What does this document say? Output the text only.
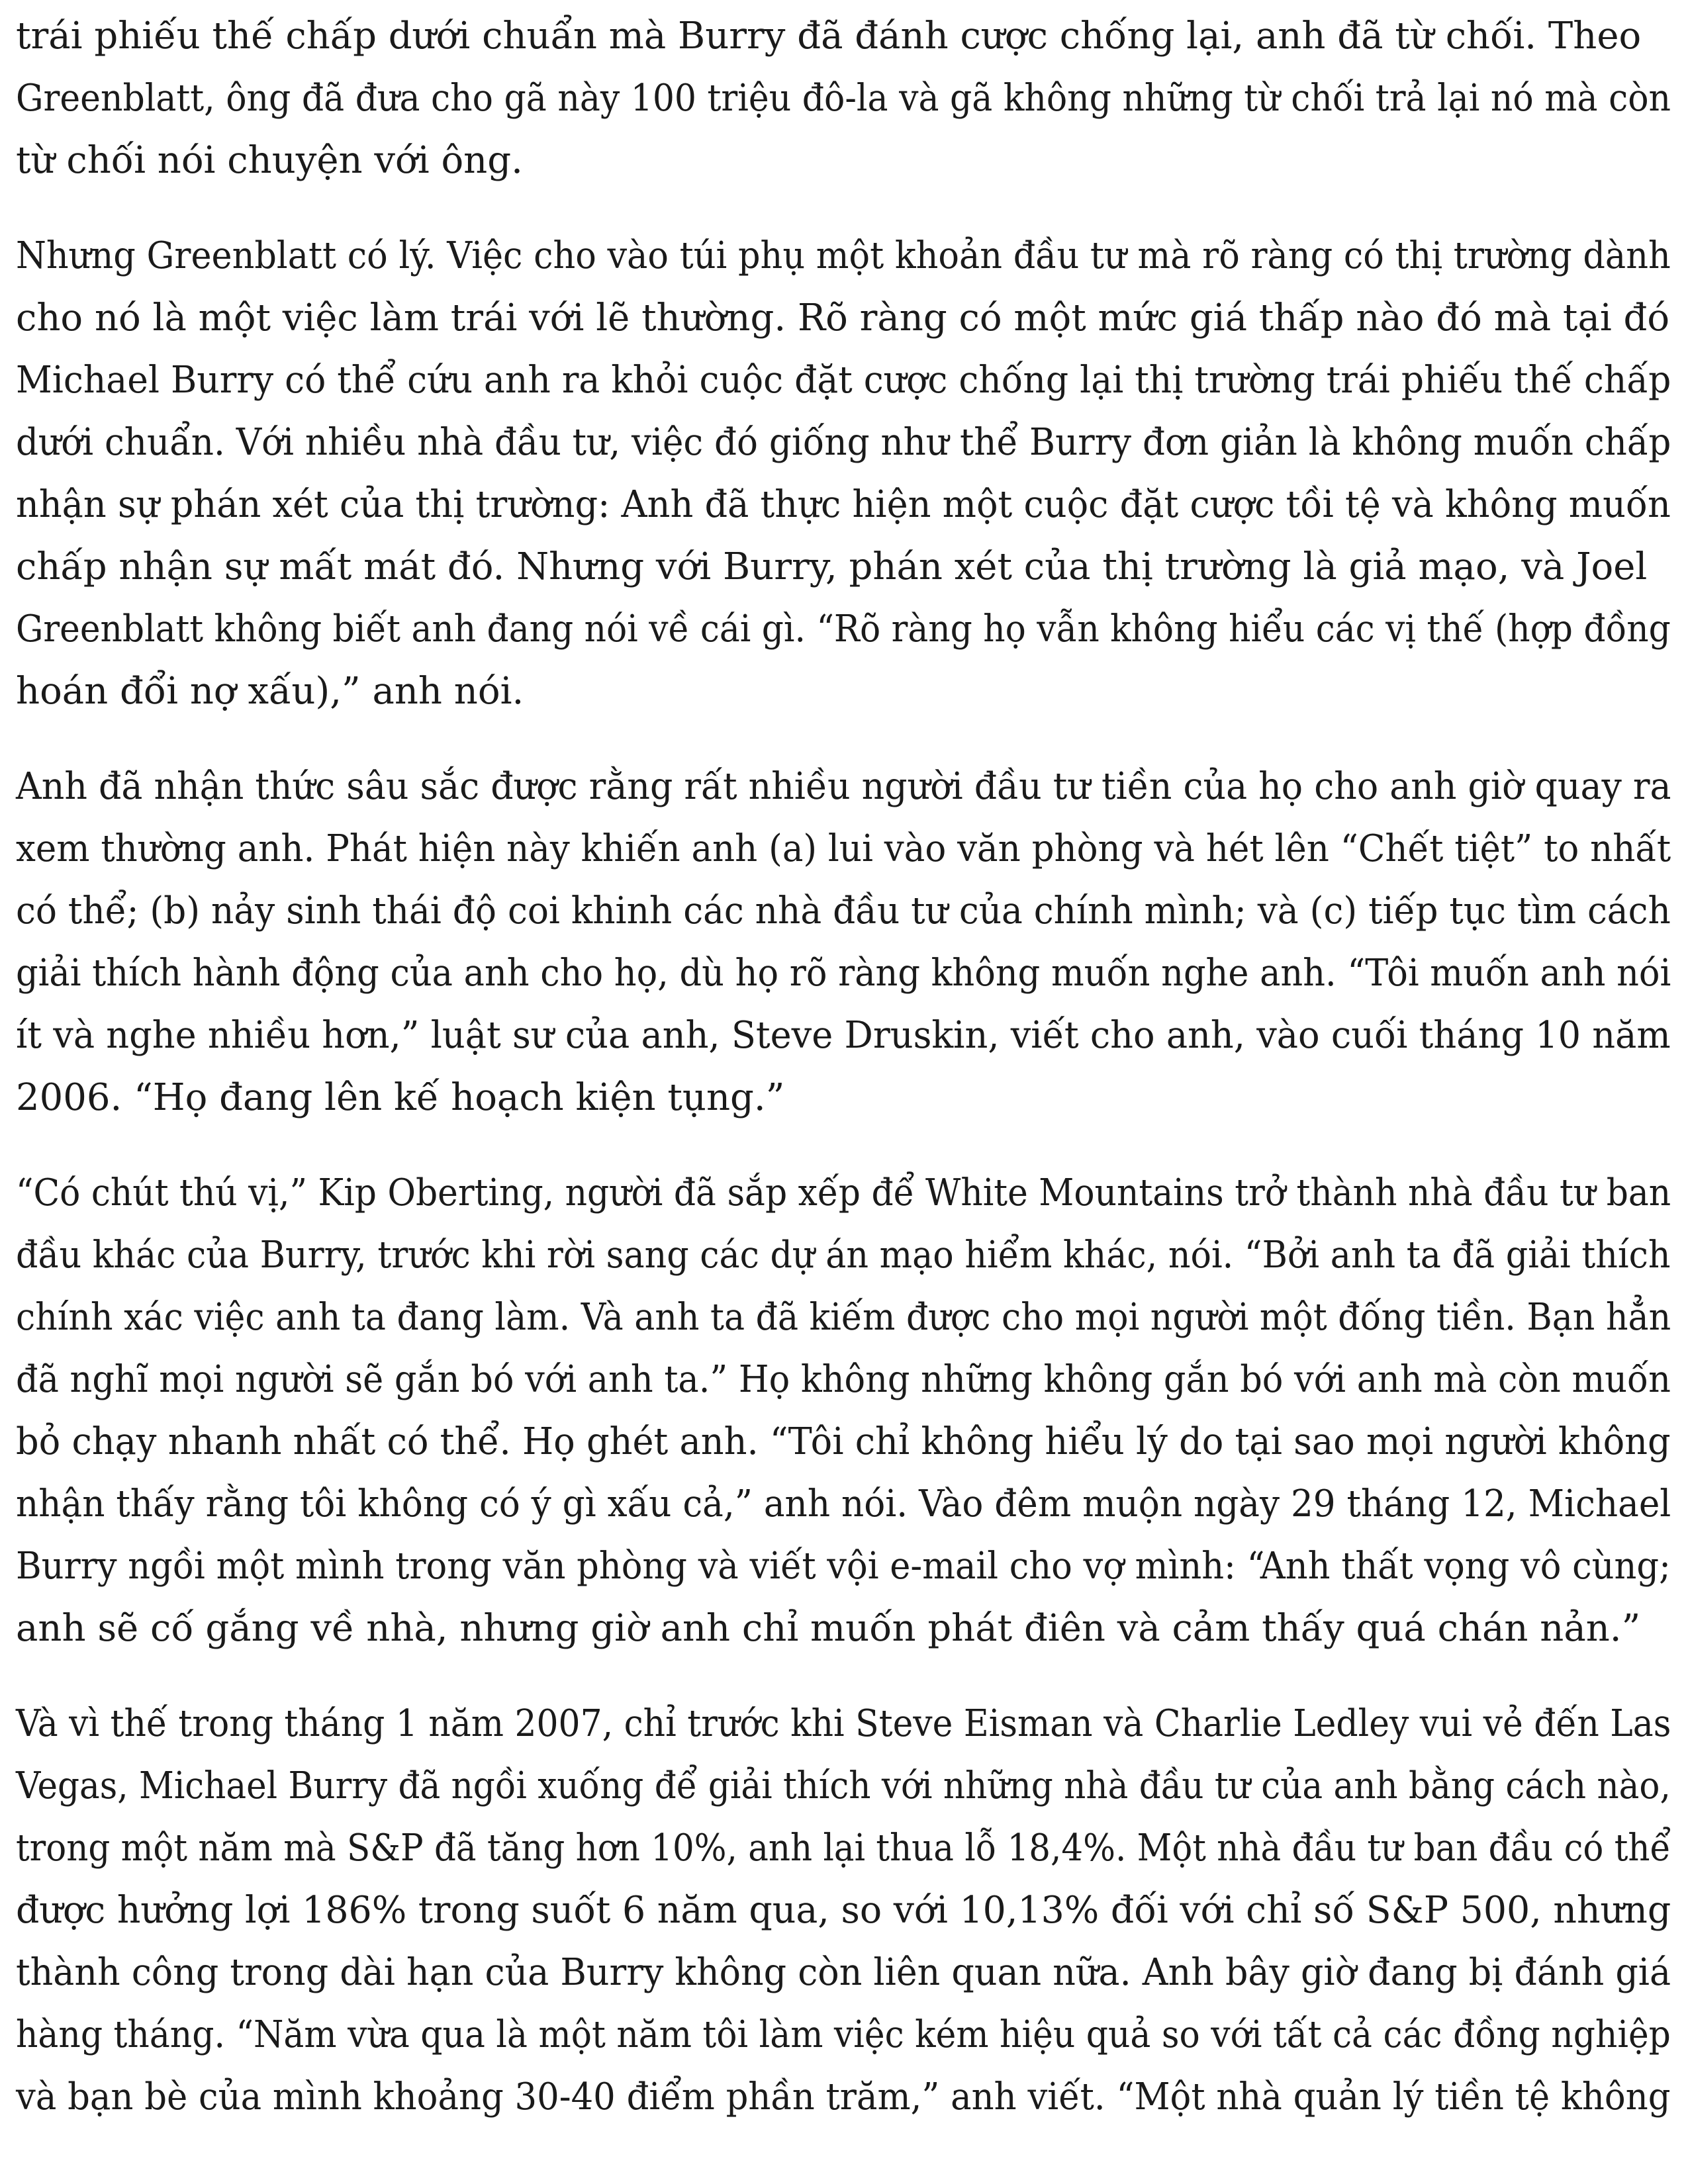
trái phiếu thế chấp dưới chuẩn mà Burry đã đánh cược chống lại, anh đã từ chối. Theo
Greenblatt, ông đã đưa cho gã này 100 triệu đô-la và gã không những từ chối trả lại nó mà còn
từ chối nói chuyện với ông.
Nhưng Greenblatt có lý. Việc cho vào túi phụ một khoản đầu tư mà rõ ràng có thị trường dành
cho nó là một việc làm trái với lẽ thường. Rõ ràng có một mức giá thấp nào đó mà tại đó
Michael Burry có thể cứu anh ra khỏi cuộc đặt cược chống lại thị trường trái phiếu thế chấp
dưới chuẩn. Với nhiều nhà đầu tư, việc đó giống như thể Burry đơn giản là không muốn chấp
nhận sự phán xét của thị trường: Anh đã thực hiện một cuộc đặt cược tồi tệ và không muốn
chấp nhận sự mất mát đó. Nhưng với Burry, phán xét của thị trường là giả mạo, và Joel
Greenblatt không biết anh đang nói về cái gì. “Rõ ràng họ vẫn không hiểu các vị thế (hợp đồng
hoán đổi nợ xấu),” anh nói.
Anh đã nhận thức sâu sắc được rằng rất nhiều người đầu tư tiền của họ cho anh giờ quay ra
xem thường anh. Phát hiện này khiến anh (a) lui vào văn phòng và hét lên “Chết tiệt” to nhất
có thể; (b) nảy sinh thái độ coi khinh các nhà đầu tư của chính mình; và (c) tiếp tục tìm cách
giải thích hành động của anh cho họ, dù họ rõ ràng không muốn nghe anh. “Tôi muốn anh nói
ít và nghe nhiều hơn,” luật sư của anh, Steve Druskin, viết cho anh, vào cuối tháng 10 năm
2006. “Họ đang lên kế hoạch kiện tụng.”
“Có chút thú vị,” Kip Oberting, người đã sắp xếp để White Mountains trở thành nhà đầu tư ban
đầu khác của Burry, trước khi rời sang các dự án mạo hiểm khác, nói. “Bởi anh ta đã giải thích
chính xác việc anh ta đang làm. Và anh ta đã kiếm được cho mọi người một đống tiền. Bạn hẳn
đã nghĩ mọi người sẽ gắn bó với anh ta.” Họ không những không gắn bó với anh mà còn muốn
bỏ chạy nhanh nhất có thể. Họ ghét anh. “Tôi chỉ không hiểu lý do tại sao mọi người không
nhận thấy rằng tôi không có ý gì xấu cả,” anh nói. Vào đêm muộn ngày 29 tháng 12, Michael
Burry ngồi một mình trong văn phòng và viết vội e-mail cho vợ mình: “Anh thất vọng vô cùng;
anh sẽ cố gắng về nhà, nhưng giờ anh chỉ muốn phát điên và cảm thấy quá chán nản.”
Và vì thế trong tháng 1 năm 2007, chỉ trước khi Steve Eisman và Charlie Ledley vui vẻ đến Las
Vegas, Michael Burry đã ngồi xuống để giải thích với những nhà đầu tư của anh bằng cách nào,
trong một năm mà S&P đã tăng hơn 10%, anh lại thua lỗ 18,4%. Một nhà đầu tư ban đầu có thể
được hưởng lợi 186% trong suốt 6 năm qua, so với 10,13% đối với chỉ số S&P 500, nhưng
thành công trong dài hạn của Burry không còn liên quan nữa. Anh bây giờ đang bị đánh giá
hàng tháng. “Năm vừa qua là một năm tôi làm việc kém hiệu quả so với tất cả các đồng nghiệp
và bạn bè của mình khoảng 30-40 điểm phần trăm,” anh viết. “Một nhà quản lý tiền tệ không
